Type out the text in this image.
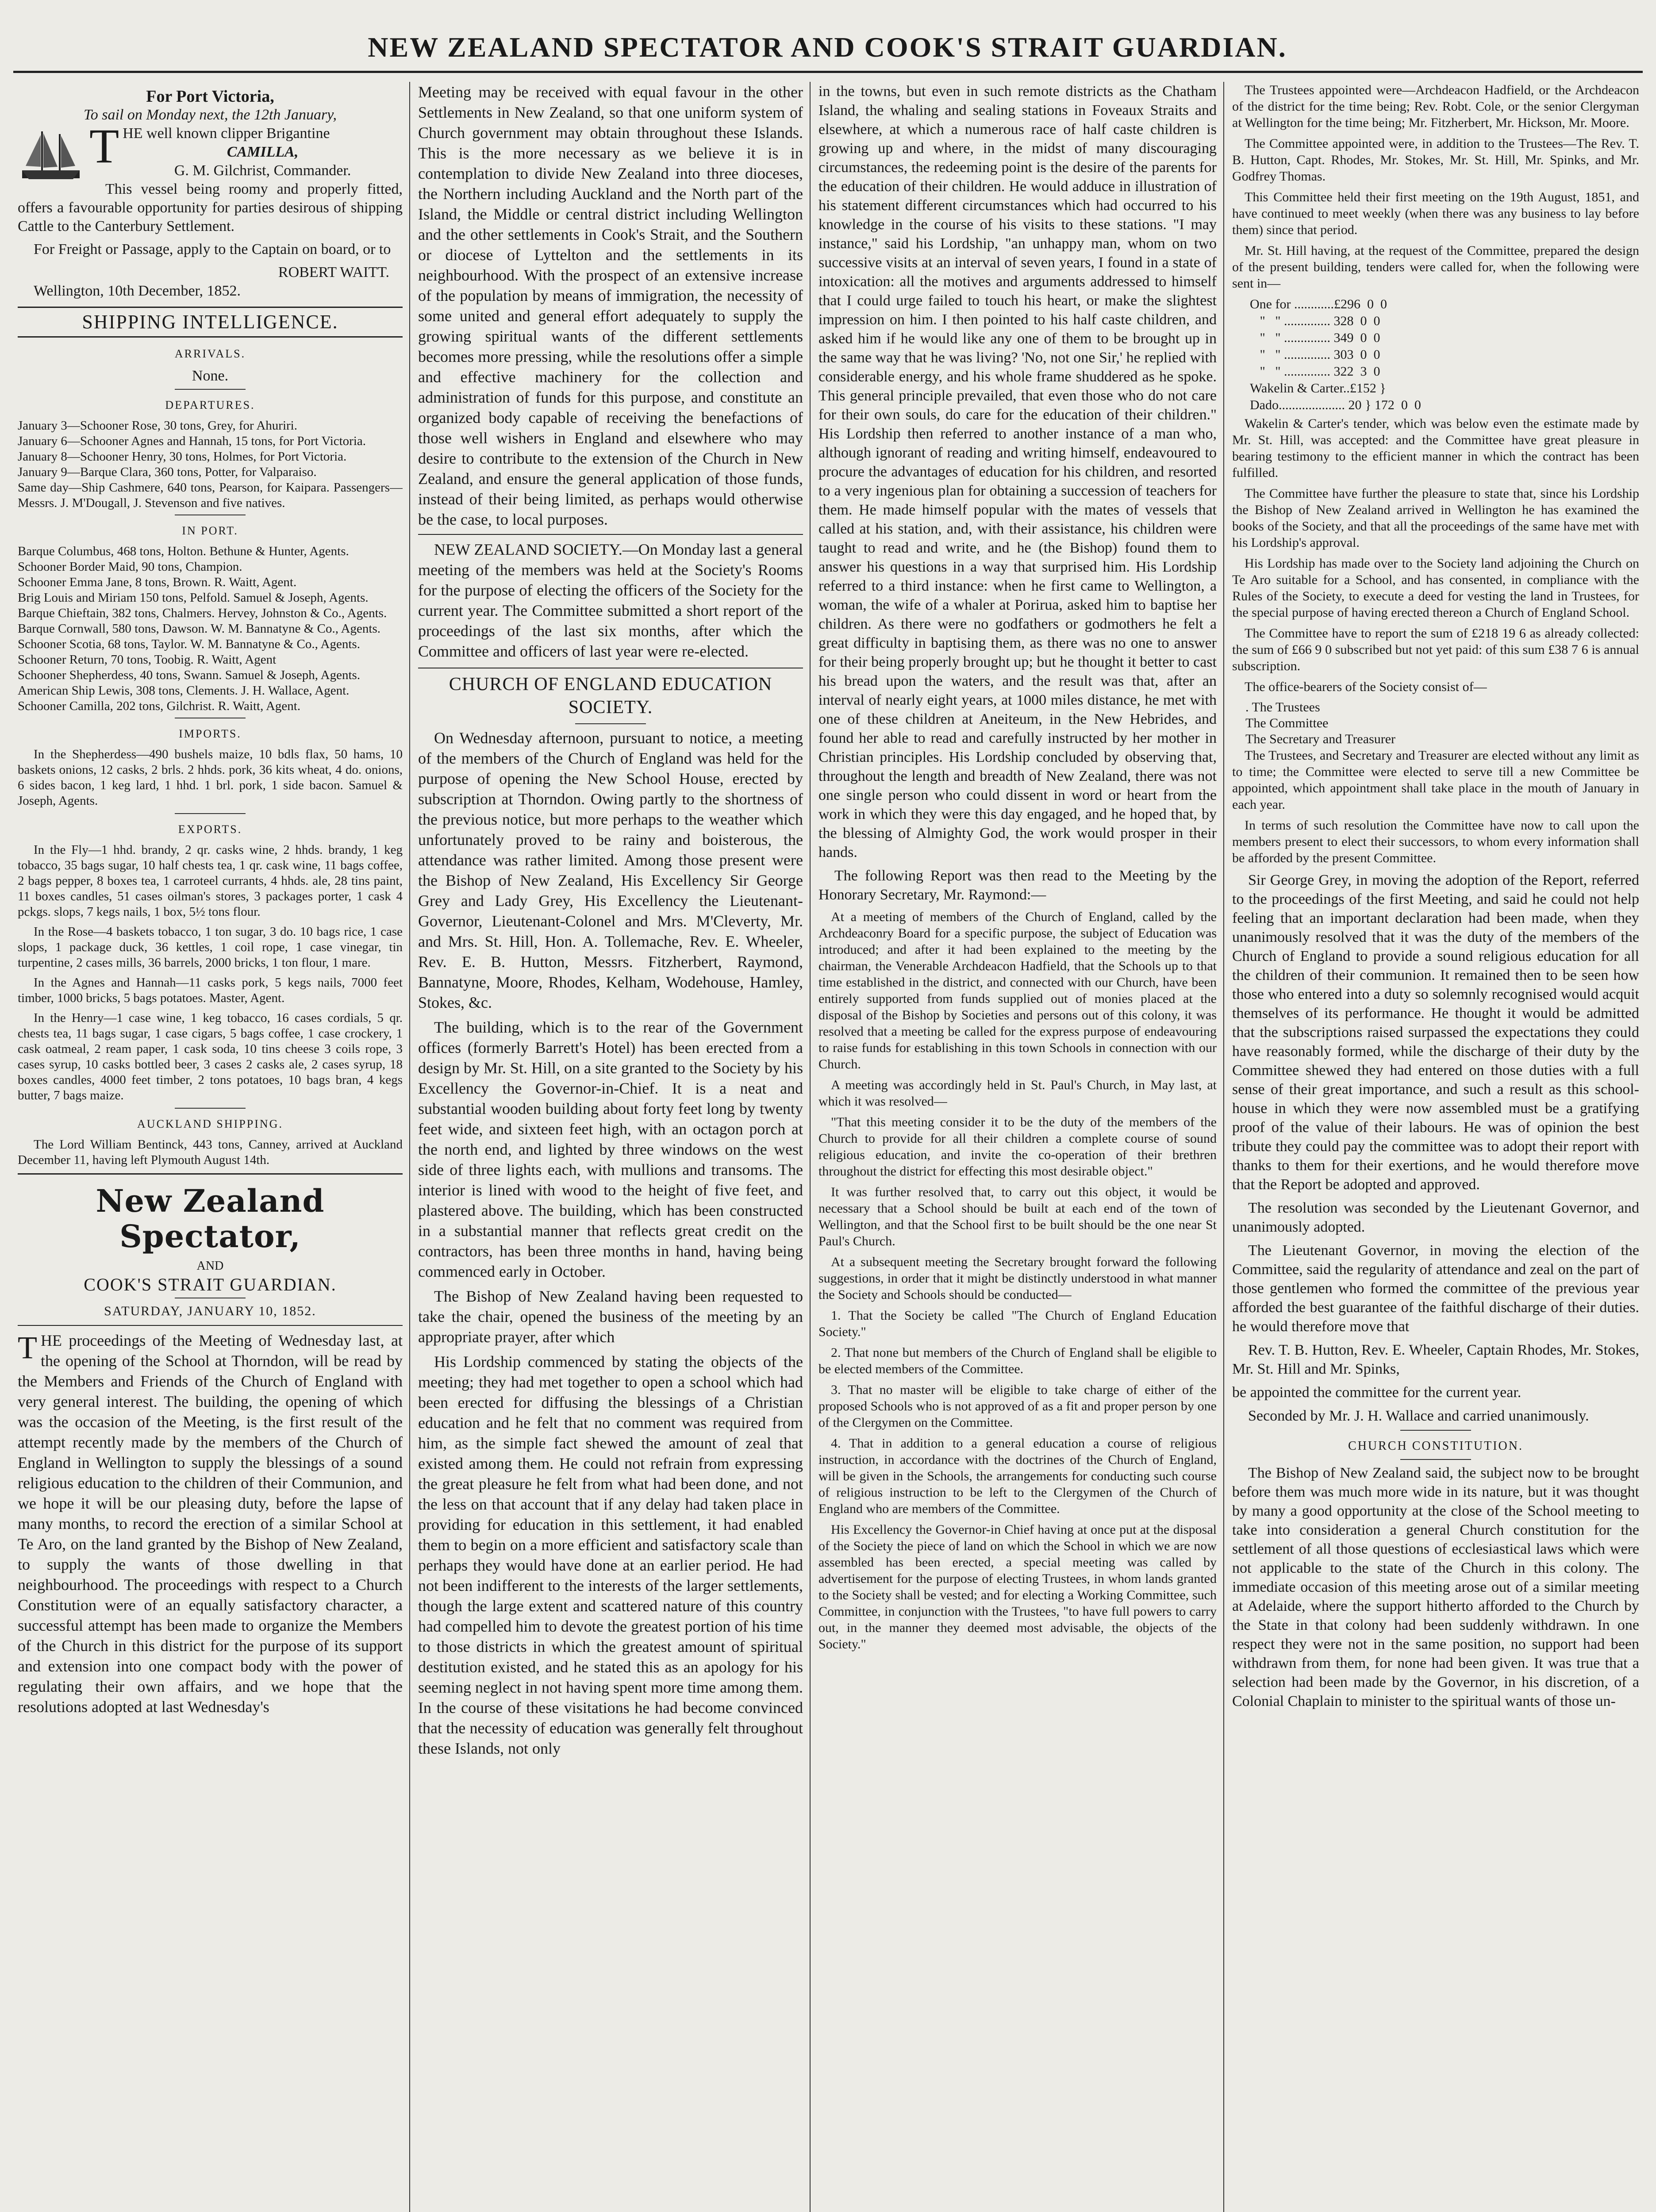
NEW ZEALAND SPECTATOR AND COOK'S STRAIT GUARDIAN.
For Port Victoria,
To sail on Monday next, the 12th January,
THE well known clipper Brigantine
CAMILLA,
G. M. Gilchrist, Commander.

This vessel being roomy and properly fitted, offers a favourable opportunity for parties desirous of shipping Cattle to the Canterbury Settlement.

For Freight or Passage, apply to the Captain on board, or to

ROBERT WAITT.

Wellington, 10th December, 1852.

SHIPPING INTELLIGENCE.
ARRIVALS.
None.
DEPARTURES.
January 3—Schooner Rose, 30 tons, Grey, for Ahuriri.
January 6—Schooner Agnes and Hannah, 15 tons, for Port Victoria.
January 8—Schooner Henry, 30 tons, Holmes, for Port Victoria.
January 9—Barque Clara, 360 tons, Potter, for Valparaiso.
Same day—Ship Cashmere, 640 tons, Pearson, for Kaipara. Passengers—Messrs. J. M'Dougall, J. Stevenson and five natives.
IN PORT.
Barque Columbus, 468 tons, Holton. Bethune & Hunter, Agents.
Schooner Border Maid, 90 tons, Champion.
Schooner Emma Jane, 8 tons, Brown. R. Waitt, Agent.
Brig Louis and Miriam 150 tons, Pelfold. Samuel & Joseph, Agents.
Barque Chieftain, 382 tons, Chalmers. Hervey, Johnston & Co., Agents.
Barque Cornwall, 580 tons, Dawson. W. M. Bannatyne & Co., Agents.
Schooner Scotia, 68 tons, Taylor. W. M. Bannatyne & Co., Agents.
Schooner Return, 70 tons, Toobig. R. Waitt, Agent
Schooner Shepherdess, 40 tons, Swann. Samuel & Joseph, Agents.
American Ship Lewis, 308 tons, Clements. J. H. Wallace, Agent.
Schooner Camilla, 202 tons, Gilchrist. R. Waitt, Agent.
IMPORTS.

In the Shepherdess—490 bushels maize, 10 bdls flax, 50 hams, 10 baskets onions, 12 casks, 2 brls. 2 hhds. pork, 36 kits wheat, 4 do. onions, 6 sides bacon, 1 keg lard, 1 hhd. 1 brl. pork, 1 side bacon. Samuel & Joseph, Agents.

EXPORTS.

In the Fly—1 hhd. brandy, 2 qr. casks wine, 2 hhds. brandy, 1 keg tobacco, 35 bags sugar, 10 half chests tea, 1 qr. cask wine, 11 bags coffee, 2 bags pepper, 8 boxes tea, 1 carroteel currants, 4 hhds. ale, 28 tins paint, 11 boxes candles, 51 cases oilman's stores, 3 packages porter, 1 cask 4 pckgs. slops, 7 kegs nails, 1 box, 5½ tons flour.

In the Rose—4 baskets tobacco, 1 ton sugar, 3 do. 10 bags rice, 1 case slops, 1 package duck, 36 kettles, 1 coil rope, 1 case vinegar, tin turpentine, 2 cases mills, 36 barrels, 2000 bricks, 1 ton flour, 1 mare.

In the Agnes and Hannah—11 casks pork, 5 kegs nails, 7000 feet timber, 1000 bricks, 5 bags potatoes. Master, Agent.

In the Henry—1 case wine, 1 keg tobacco, 16 cases cordials, 5 qr. chests tea, 11 bags sugar, 1 case cigars, 5 bags coffee, 1 case crockery, 1 cask oatmeal, 2 ream paper, 1 cask soda, 10 tins cheese 3 coils rope, 3 cases syrup, 10 casks bottled beer, 3 cases 2 casks ale, 2 cases syrup, 18 boxes candles, 4000 feet timber, 2 tons potatoes, 10 bags bran, 4 kegs butter, 7 bags maize.

AUCKLAND SHIPPING.

The Lord William Bentinck, 443 tons, Canney, arrived at Auckland December 11, having left Plymouth August 14th.

New Zealand Spectator,
AND
COOK'S STRAIT GUARDIAN.
SATURDAY, JANUARY 10, 1852.
THE proceedings of the Meeting of Wednesday last, at the opening of the School at Thorndon, will be read by the Members and Friends of the Church of England with very general interest. The building, the opening of which was the occasion of the Meeting, is the first result of the attempt recently made by the members of the Church of England in Wellington to supply the blessings of a sound religious education to the children of their Communion, and we hope it will be our pleasing duty, before the lapse of many months, to record the erection of a similar School at Te Aro, on the land granted by the Bishop of New Zealand, to supply the wants of those dwelling in that neighbourhood. The proceedings with respect to a Church Constitution were of an equally satisfactory character, a successful attempt has been made to organize the Members of the Church in this district for the purpose of its support and extension into one compact body with the power of regulating their own affairs, and we hope that the resolutions adopted at last Wednesday's

Meeting may be received with equal favour in the other Settlements in New Zealand, so that one uniform system of Church government may obtain throughout these Islands. This is the more necessary as we believe it is in contemplation to divide New Zealand into three dioceses, the Northern including Auckland and the North part of the Island, the Middle or central district including Wellington and the other settlements in Cook's Strait, and the Southern or diocese of Lyttelton and the settlements in its neighbourhood. With the prospect of an extensive increase of the population by means of immigration, the necessity of some united and general effort adequately to supply the growing spiritual wants of the different settlements becomes more pressing, while the resolutions offer a simple and effective machinery for the collection and administration of funds for this purpose, and constitute an organized body capable of receiving the benefactions of those well wishers in England and elsewhere who may desire to contribute to the extension of the Church in New Zealand, and ensure the general application of those funds, instead of their being limited, as perhaps would otherwise be the case, to local purposes.

NEW ZEALAND SOCIETY.—On Monday last a general meeting of the members was held at the Society's Rooms for the purpose of electing the officers of the Society for the current year. The Committee submitted a short report of the proceedings of the last six months, after which the Committee and officers of last year were re-elected.

CHURCH OF ENGLAND EDUCATION SOCIETY.

On Wednesday afternoon, pursuant to notice, a meeting of the members of the Church of England was held for the purpose of opening the New School House, erected by subscription at Thorndon. Owing partly to the shortness of the previous notice, but more perhaps to the weather which unfortunately proved to be rainy and boisterous, the attendance was rather limited. Among those present were the Bishop of New Zealand, His Excellency Sir George Grey and Lady Grey, His Excellency the Lieutenant-Governor, Lieutenant-Colonel and Mrs. M'Cleverty, Mr. and Mrs. St. Hill, Hon. A. Tollemache, Rev. E. Wheeler, Rev. E. B. Hutton, Messrs. Fitzherbert, Raymond, Bannatyne, Moore, Rhodes, Kelham, Wodehouse, Hamley, Stokes, &c.

The building, which is to the rear of the Government offices (formerly Barrett's Hotel) has been erected from a design by Mr. St. Hill, on a site granted to the Society by his Excellency the Governor-in-Chief. It is a neat and substantial wooden building about forty feet long by twenty feet wide, and sixteen feet high, with an octagon porch at the north end, and lighted by three windows on the west side of three lights each, with mullions and transoms. The interior is lined with wood to the height of five feet, and plastered above. The building, which has been constructed in a substantial manner that reflects great credit on the contractors, has been three months in hand, having being commenced early in October.

The Bishop of New Zealand having been requested to take the chair, opened the business of the meeting by an appropriate prayer, after which

His Lordship commenced by stating the objects of the meeting; they had met together to open a school which had been erected for diffusing the blessings of a Christian education and he felt that no comment was required from him, as the simple fact shewed the amount of zeal that existed among them. He could not refrain from expressing the great pleasure he felt from what had been done, and not the less on that account that if any delay had taken place in providing for education in this settlement, it had enabled them to begin on a more efficient and satisfactory scale than perhaps they would have done at an earlier period. He had not been indifferent to the interests of the larger settlements, though the large extent and scattered nature of this country had compelled him to devote the greatest portion of his time to those districts in which the greatest amount of spiritual destitution existed, and he stated this as an apology for his seeming neglect in not having spent more time among them. In the course of these visitations he had become convinced that the necessity of education was generally felt throughout these Islands, not only

in the towns, but even in such remote districts as the Chatham Island, the whaling and sealing stations in Foveaux Straits and elsewhere, at which a numerous race of half caste children is growing up and where, in the midst of many discouraging circumstances, the redeeming point is the desire of the parents for the education of their children. He would adduce in illustration of his statement different circumstances which had occurred to his knowledge in the course of his visits to these stations. "I may instance," said his Lordship, "an unhappy man, whom on two successive visits at an interval of seven years, I found in a state of intoxication: all the motives and arguments addressed to himself that I could urge failed to touch his heart, or make the slightest impression on him. I then pointed to his half caste children, and asked him if he would like any one of them to be brought up in the same way that he was living? 'No, not one Sir,' he replied with considerable energy, and his whole frame shuddered as he spoke. This general principle prevailed, that even those who do not care for their own souls, do care for the education of their children." His Lordship then referred to another instance of a man who, although ignorant of reading and writing himself, endeavoured to procure the advantages of education for his children, and resorted to a very ingenious plan for obtaining a succession of teachers for them. He made himself popular with the mates of vessels that called at his station, and, with their assistance, his children were taught to read and write, and he (the Bishop) found them to answer his questions in a way that surprised him. His Lordship referred to a third instance: when he first came to Wellington, a woman, the wife of a whaler at Porirua, asked him to baptise her children. As there were no godfathers or godmothers he felt a great difficulty in baptising them, as there was no one to answer for their being properly brought up; but he thought it better to cast his bread upon the waters, and the result was that, after an interval of nearly eight years, at 1000 miles distance, he met with one of these children at Aneiteum, in the New Hebrides, and found her able to read and carefully instructed by her mother in Christian principles. His Lordship concluded by observing that, throughout the length and breadth of New Zealand, there was not one single person who could dissent in word or heart from the work in which they were this day engaged, and he hoped that, by the blessing of Almighty God, the work would prosper in their hands.

The following Report was then read to the Meeting by the Honorary Secretary, Mr. Raymond:—

At a meeting of members of the Church of England, called by the Archdeaconry Board for a specific purpose, the subject of Education was introduced; and after it had been explained to the meeting by the chairman, the Venerable Archdeacon Hadfield, that the Schools up to that time established in the district, and connected with our Church, have been entirely supported from funds supplied out of monies placed at the disposal of the Bishop by Societies and persons out of this colony, it was resolved that a meeting be called for the express purpose of endeavouring to raise funds for establishing in this town Schools in connection with our Church.

A meeting was accordingly held in St. Paul's Church, in May last, at which it was resolved—

"That this meeting consider it to be the duty of the members of the Church to provide for all their children a complete course of sound religious education, and invite the co-operation of their brethren throughout the district for effecting this most desirable object."

It was further resolved that, to carry out this object, it would be necessary that a School should be built at each end of the town of Wellington, and that the School first to be built should be the one near St Paul's Church.

At a subsequent meeting the Secretary brought forward the following suggestions, in order that it might be distinctly understood in what manner the Society and Schools should be conducted—

1. That the Society be called "The Church of England Education Society."

2. That none but members of the Church of England shall be eligible to be elected members of the Committee.

3. That no master will be eligible to take charge of either of the proposed Schools who is not approved of as a fit and proper person by one of the Clergymen on the Committee.

4. That in addition to a general education a course of religious instruction, in accordance with the doctrines of the Church of England, will be given in the Schools, the arrangements for conducting such course of religious instruction to be left to the Clergymen of the Church of England who are members of the Committee.

His Excellency the Governor-in Chief having at once put at the disposal of the Society the piece of land on which the School in which we are now assembled has been erected, a special meeting was called by advertisement for the purpose of electing Trustees, in whom lands granted to the Society shall be vested; and for electing a Working Committee, such Committee, in conjunction with the Trustees, "to have full powers to carry out, in the manner they deemed most advisable, the objects of the Society."

The Trustees appointed were—Archdeacon Hadfield, or the Archdeacon of the district for the time being; Rev. Robt. Cole, or the senior Clergyman at Wellington for the time being; Mr. Fitzherbert, Mr. Hickson, Mr. Moore.

The Committee appointed were, in addition to the Trustees—The Rev. T. B. Hutton, Capt. Rhodes, Mr. Stokes, Mr. St. Hill, Mr. Spinks, and Mr. Godfrey Thomas.

This Committee held their first meeting on the 19th August, 1851, and have continued to meet weekly (when there was any business to lay before them) since that period.

Mr. St. Hill having, at the request of the Committee, prepared the design of the present building, tenders were called for, when the following were sent in—

One for ............£296  0  0
"   " .............. 328  0  0
"   " .............. 349  0  0
"   " .............. 303  0  0
"   " .............. 322  3  0
Wakelin & Carter..£152 }
Dado.................... 20 } 172  0  0

Wakelin & Carter's tender, which was below even the estimate made by Mr. St. Hill, was accepted: and the Committee have great pleasure in bearing testimony to the efficient manner in which the contract has been fulfilled.

The Committee have further the pleasure to state that, since his Lordship the Bishop of New Zealand arrived in Wellington he has examined the books of the Society, and that all the proceedings of the same have met with his Lordship's approval.

His Lordship has made over to the Society land adjoining the Church on Te Aro suitable for a School, and has consented, in compliance with the Rules of the Society, to execute a deed for vesting the land in Trustees, for the special purpose of having erected thereon a Church of England School.

The Committee have to report the sum of £218 19 6 as already collected: the sum of £66 9 0 subscribed but not yet paid: of this sum £38 7 6 is annual subscription.

The office-bearers of the Society consist of—

. The Trustees
The Committee
The Secretary and Treasurer

The Trustees, and Secretary and Treasurer are elected without any limit as to time; the Committee were elected to serve till a new Committee be appointed, which appointment shall take place in the mouth of January in each year.

In terms of such resolution the Committee have now to call upon the members present to elect their successors, to whom every information shall be afforded by the present Committee.

Sir George Grey, in moving the adoption of the Report, referred to the proceedings of the first Meeting, and said he could not help feeling that an important declaration had been made, when they unanimously resolved that it was the duty of the members of the Church of England to provide a sound religious education for all the children of their communion. It remained then to be seen how those who entered into a duty so solemnly recognised would acquit themselves of its performance. He thought it would be admitted that the subscriptions raised surpassed the expectations they could have reasonably formed, while the discharge of their duty by the Committee shewed they had entered on those duties with a full sense of their great importance, and such a result as this school-house in which they were now assembled must be a gratifying proof of the value of their labours. He was of opinion the best tribute they could pay the committee was to adopt their report with thanks to them for their exertions, and he would therefore move that the Report be adopted and approved.

The resolution was seconded by the Lieutenant Governor, and unanimously adopted.

The Lieutenant Governor, in moving the election of the Committee, said the regularity of attendance and zeal on the part of those gentlemen who formed the committee of the previous year afforded the best guarantee of the faithful discharge of their duties. he would therefore move that

Rev. T. B. Hutton, Rev. E. Wheeler, Captain Rhodes, Mr. Stokes, Mr. St. Hill and Mr. Spinks,

be appointed the committee for the current year.

Seconded by Mr. J. H. Wallace and carried unanimously.

CHURCH CONSTITUTION.

The Bishop of New Zealand said, the subject now to be brought before them was much more wide in its nature, but it was thought by many a good opportunity at the close of the School meeting to take into consideration a general Church constitution for the settlement of all those questions of ecclesiastical laws which were not applicable to the state of the Church in this colony. The immediate occasion of this meeting arose out of a similar meeting at Adelaide, where the support hitherto afforded to the Church by the State in that colony had been suddenly withdrawn. In one respect they were not in the same position, no support had been withdrawn from them, for none had been given. It was true that a selection had been made by the Governor, in his discretion, of a Colonial Chaplain to minister to the spiritual wants of those un-
